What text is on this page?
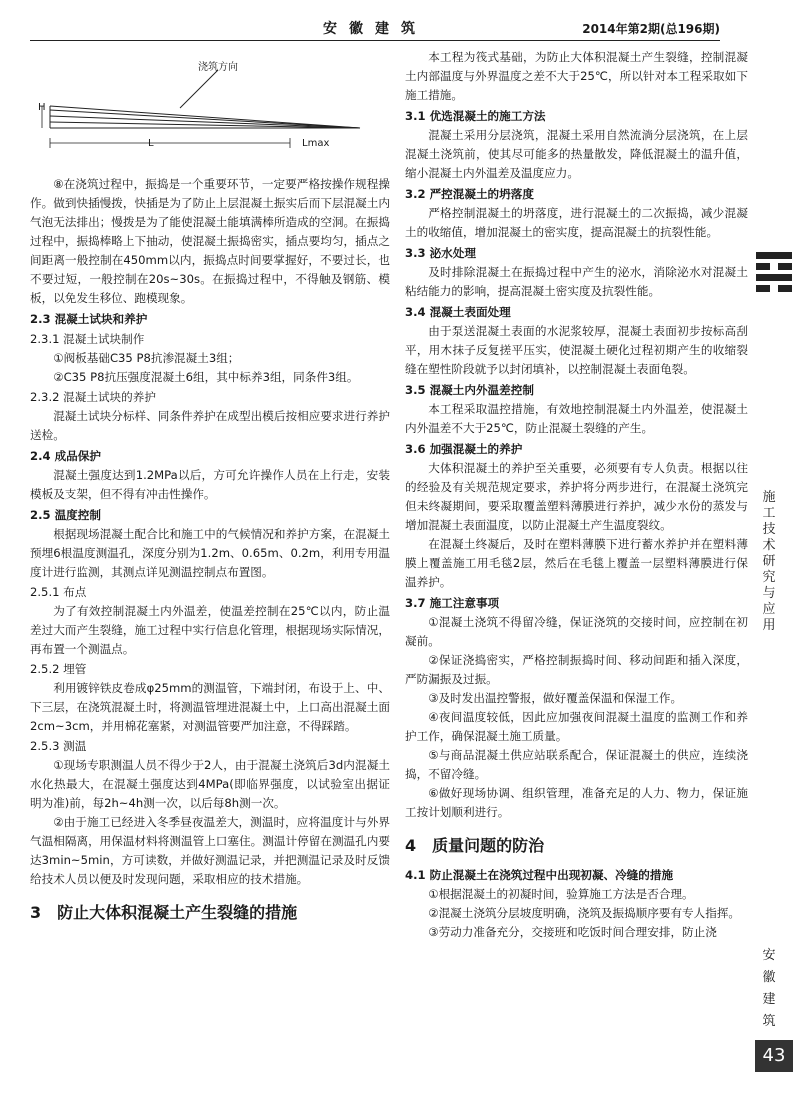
安徽建筑	2014年第2期(总196期)
浇筑方向
H
L	Lmax

⑧在浇筑过程中，振捣是一个重要环节，一定要严格按操作规程操作。做到快插慢拨，快插是为了防止上层混凝土振实后而下层混凝土内气泡无法排出；慢拨是为了能使混凝土能填满棒所造成的空洞。在振捣过程中，振捣棒略上下抽动，使混凝土振捣密实，插点要均匀，插点之间距离一般控制在450mm以内，振捣点时间要掌握好，不要过长，也不要过短，一般控制在20s~30s。在振捣过程中，不得触及钢筋、模板，以免发生移位、跑模现象。

2.3 混凝土试块和养护

2.3.1 混凝土试块制作

①阀板基础C35 P8抗渗混凝土3组；

②C35 P8抗压强度混凝土6组，其中标养3组，同条件3组。

2.3.2 混凝土试块的养护

混凝土试块分标样、同条件养护在成型出模后按相应要求进行养护送检。

2.4 成品保护

混凝土强度达到1.2MPa以后，方可允许操作人员在上行走，安装模板及支架，但不得有冲击性操作。

2.5 温度控制

根据现场混凝土配合比和施工中的气候情况和养护方案，在混凝土预埋6根温度测温孔，深度分别为1.2m、0.65m、0.2m，利用专用温度计进行监测，其测点详见测温控制点布置图。

2.5.1 布点

为了有效控制混凝土内外温差，使温差控制在25℃以内，防止温差过大而产生裂缝，施工过程中实行信息化管理，根据现场实际情况，再布置一个测温点。

2.5.2 埋管

利用镀锌铁皮卷成φ25mm的测温管，下端封闭，布设于上、中、下三层，在浇筑混凝土时，将测温管埋进混凝土中，上口高出混凝土面2cm~3cm，并用棉花塞紧，对测温管要严加注意，不得踩踏。

2.5.3 测温

①现场专职测温人员不得少于2人，由于混凝土浇筑后3d内混凝土水化热最大，在混凝土强度达到4MPa(即临界强度，以试验室出据证明为准)前，每2h~4h测一次，以后每8h测一次。

②由于施工已经进入冬季昼夜温差大，测温时，应将温度计与外界气温相隔离，用保温材料将测温管上口塞住。测温计停留在测温孔内要达3min~5min，方可读数，并做好测温记录，并把测温记录及时反馈给技术人员以便及时发现问题，采取相应的技术措施。

3　防止大体积混凝土产生裂缝的措施

本工程为筏式基础，为防止大体积混凝土产生裂缝，控制混凝土内部温度与外界温度之差不大于25℃，所以针对本工程采取如下施工措施。

3.1 优选混凝土的施工方法

混凝土采用分层浇筑，混凝土采用自然流淌分层浇筑，在上层混凝土浇筑前，使其尽可能多的热量散发，降低混凝土的温升值，缩小混凝土内外温差及温度应力。

3.2 严控混凝土的坍落度

严格控制混凝土的坍落度，进行混凝土的二次振捣，减少混凝土的收缩值，增加混凝土的密实度，提高混凝土的抗裂性能。

3.3 泌水处理

及时排除混凝土在振捣过程中产生的泌水，消除泌水对混凝土粘结能力的影响，提高混凝土密实度及抗裂性能。

3.4 混凝土表面处理

由于泵送混凝土表面的水泥浆较厚，混凝土表面初步按标高刮平，用木抹子反复搓平压实，使混凝土硬化过程初期产生的收缩裂缝在塑性阶段就予以封闭填补，以控制混凝土表面龟裂。

3.5 混凝土内外温差控制

本工程采取温控措施，有效地控制混凝土内外温差，使混凝土内外温差不大于25℃，防止混凝土裂缝的产生。

3.6 加强混凝土的养护

大体积混凝土的养护至关重要，必须要有专人负责。根据以往的经验及有关规范规定要求，养护将分两步进行，在混凝土浇筑完但未终凝期间，要采取覆盖塑料薄膜进行养护，减少水份的蒸发与增加混凝土表面温度，以防止混凝土产生温度裂纹。

在混凝土终凝后，及时在塑料薄膜下进行蓄水养护并在塑料薄膜上覆盖施工用毛毯2层，然后在毛毯上覆盖一层塑料薄膜进行保温养护。

3.7 施工注意事项

①混凝土浇筑不得留冷缝，保证浇筑的交接时间，应控制在初凝前。

②保证浇捣密实，严格控制振捣时间、移动间距和插入深度，严防漏振及过振。

③及时发出温控警报，做好覆盖保温和保湿工作。

④夜间温度较低，因此应加强夜间混凝土温度的监测工作和养护工作，确保混凝土施工质量。

⑤与商品混凝土供应站联系配合，保证混凝土的供应，连续浇捣，不留冷缝。

⑥做好现场协调、组织管理，准备充足的人力、物力，保证施工按计划顺利进行。

4　质量问题的防治

4.1 防止混凝土在浇筑过程中出现初凝、冷缝的措施

①根据混凝土的初凝时间，验算施工方法是否合理。

②混凝土浇筑分层坡度明确，浇筑及振捣顺序要有专人指挥。

③劳动力准备充分，交接班和吃饭时间合理安排，防止浇

施
工
技
术
研
究
与
应
用
安
徽
建
筑
43
